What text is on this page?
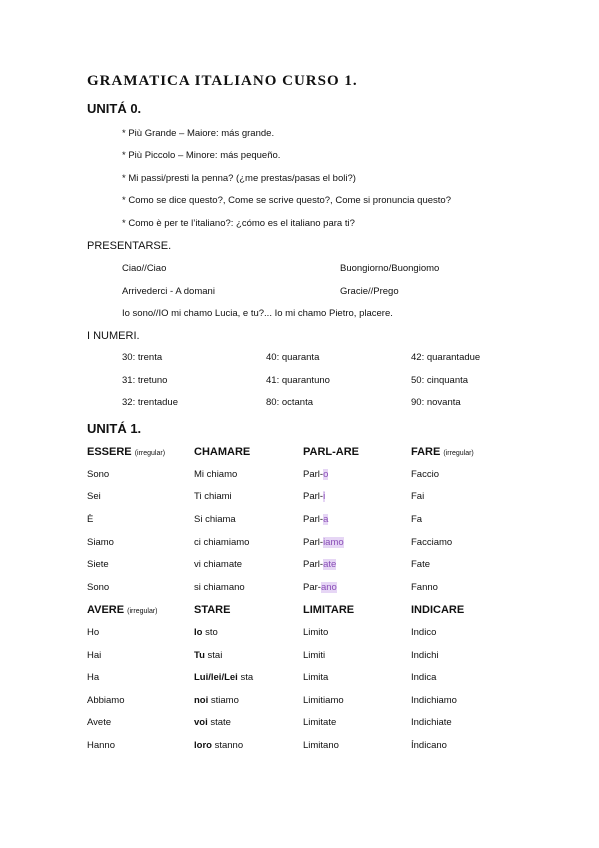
GRAMATICA ITALIANO CURSO 1.
UNITÁ 0.
* Più Grande – Maiore: más grande.
* Più Piccolo – Minore: más pequeño.
* Mi passi/presti la penna? (¿me prestas/pasas el boli?)
* Como se dice questo?, Come se scrive questo?, Come si pronuncia questo?
* Como è per te l’italiano?: ¿cómo es el italiano para ti?
PRESENTARSE.
Ciao//Ciao	Buongiorno/Buongiomo
Arrivederci - A domani	Gracie//Prego
Io sono//IO mi chamo Lucia, e tu?... Io mi chamo Pietro, placere.
I NUMERI.
30: trenta	40: quaranta	42: quarantadue
31: tretuno	41: quarantuno	50: cinquanta
32: trentadue	80: octanta	90: novanta
UNITÁ 1.
ESSERE (irregular)	CHAMARE	PARL-ARE	FARE (irregular)
Sono	Mi chiamo	Parl-o	Faccio
Sei	Ti chiami	Parl-i	Fai
È	Si chiama	Parl-a	Fa
Siamo	ci chiamiamo	Parl-iamo	Facciamo
Siete	vi chiamate	Parl-ate	Fate
Sono	si chiamano	Par-ano	Fanno
AVERE (irregular)	STARE	LIMITARE	INDICARE
Ho	Io sto	Limito	Indico
Hai	Tu stai	Limiti	Indichi
Ha	Lui/lei/Lei sta	Limita	Indica
Abbiamo	noi stiamo	Limitiamo	Indichiamo
Avete	voi state	Limitate	Indichiate
Hanno	loro stanno	Limitano	Índicano
